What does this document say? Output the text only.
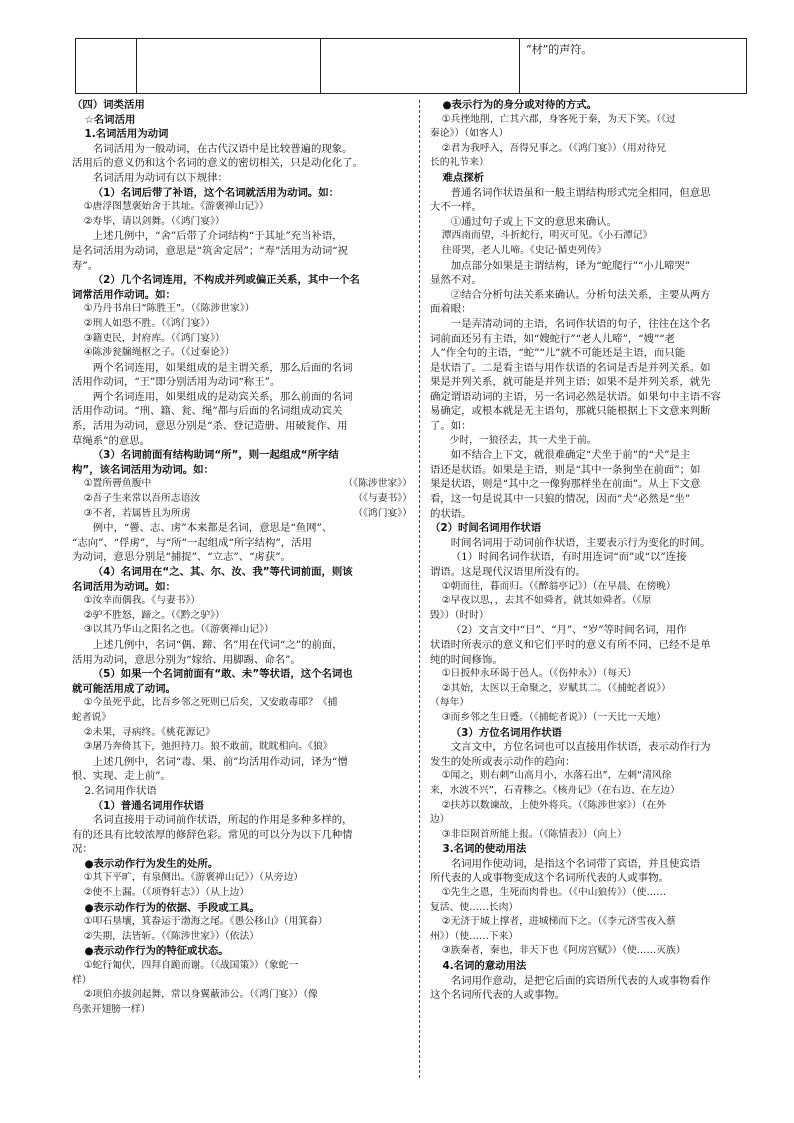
			“材”的声符。

（四）词类活用

☆名词活用

1.名词活用为动词

名词活用为一般动词，在古代汉语中是比较普遍的现象。

活用后的意义仍和这个名词的意义的密切相关，只是动化化了。

名词活用为动词有以下规律：

（1）名词后带了补语，这个名词就活用为动词。如：

①唐浮图慧褒始舍于其址。《游褒禅山记》）

②寿毕，请以剑舞。（《鸿门宴》）

上述几例中，“舍”后带了介词结构“于其址”充当补语，

是名词活用为动词，意思是“筑舍定居”；“寿”活用为动词“祝

寿”。

（2）几个名词连用，不构成并列或偏正关系，其中一个名

词常活用作动词。如：

①乃丹书帛曰“陈胜王”。（《陈涉世家》）

②刑人如恐不胜。（《鸿门宴》）

③籍吏民，封府库。（《鸿门宴》）

④陈涉瓮牖绳枢之子。（《过秦论》）

两个名词连用，如果组成的是主谓关系，那么后面的名词

活用作动词，“王”即分别活用为动词“称王”。

两个名词连用，如果组成的是动宾关系，那么前面的名词

活用作动词。“刑、籍、瓮、绳”都与后面的名词组成动宾关

系，活用为动词，意思分别是“杀、登记造册、用破瓮作、用

草绳系”的意思。

（3）名词前面有结构助词“所”，则一起组成“所字结

构”，该名词活用为动词。如：

①置所罾鱼腹中	（《陈涉世家》）

②吾子生来常以吾所志语汝	（《与妻书》）

③不者，若属皆且为所虏	（《鸿门宴》）

例中，“罾、志、虏”本来都是名词，意思是“鱼网”、

“志向”、“俘虏”，与“所”一起组成“所字结构”，活用

为动词，意思分别是“捕捉”、“立志”、“虏获”。

（4）名词用在“之、其、尔、汝、我”等代词前面，则该

名词活用为动词。如：

①汝幸而偶我。《与妻书》）

②驴不胜怒，蹄之。（《黔之驴》）

③以其乃华山之阳名之也。（《游褒禅山记》）

上述几例中，名词“偶、蹄、名”用在代词“之”的前面，

活用为动词，意思分别为“嫁给、用脚踢、命名”。

（5）如果一个名词前面有“敢、未”等状语，这个名词也

就可能活用成了动词。

①今虽死乎此，比吾乡邻之死则已后矣，又安敢毒耶？《捕

蛇者说》

②未果，寻病终。《桃花源记》

③屠乃奔倚其下，弛担持刀。狼不敢前，眈眈相向。《狼》

上述几例中，名词“毒、果、前”均活用作动词，译为“憎

恨、实现、走上前”。

2.名词用作状语

（1）普通名词用作状语

名词直接用于动词前作状语，所起的作用是多种多样的，

有的还具有比较浓厚的修辞色彩。常见的可以分为以下几种情

况：

●表示动作行为发生的处所。

①其下平旷，有泉侧出。《游褒禅山记》）（从旁边）

②使不上漏。（《项脊轩志》）（从上边）

●表示动作行为的依据、手段或工具。

①叩石垦壤，箕畚运于渤海之尾。《愚公移山》（用箕畚）

②失期，法皆斩。（《陈涉世家》）（依法）

●表示动作行为的特征或状态。

①蛇行匍伏，四拜自跪而谢。（《战国策》）（象蛇一

样）

②项伯亦拔剑起舞，常以身翼蔽沛公。（《鸿门宴》）（像

鸟张开翅膀一样）

●表示行为的身分或对待的方式。

①兵挫地削，亡其六郡，身客死于秦，为天下笑。（《过

秦论》）（如客人）

②君为我呼入，吾得兄事之。（《鸿门宴》）（用对待兄

长的礼节来）

难点探析

普通名词作状语虽和一般主谓结构形式完全相同，但意思

大不一样。

①通过句子或上下文的意思来确认。

潭西南而望，斗折蛇行，明灭可见。《小石潭记》

往哥哭，老人儿啼。《史记·循吏列传》

加点部分如果是主谓结构，译为“蛇爬行”“小儿啼哭”

显然不对。

②结合分析句法关系来确认。分析句法关系，主要从两方

面着眼：

一是弄清动词的主语，名词作状语的句子，往往在这个名

词前面还另有主语，如“嫂蛇行”“老人儿啼”，“嫂”“老

人”作全句的主语，“蛇”“儿”就不可能还是主语，而只能

是状语了。二是看主语与用作状语的名词是否是并列关系。如

果是并列关系，就可能是并列主语；如果不是并列关系，就先

确定谓语动词的主语，另一名词必然是状语。如果句中主语不容

易确定，或根本就是无主语句，那就只能根据上下文意来判断

了。如：

少时，一狼径去，其一犬坐于前。

如不结合上下文，就很难确定“犬坐于前”的“犬”是主

语还是状语。如果是主语，则是“其中一条狗坐在前面”；如

果是状语，则是“其中之一像狗那样坐在前面”。从上下文意

看，这一句是说其中一只狼的情况，因而“犬”必然是“坐”

的状语。

（2）时间名词用作状语

时间名词用于动词前作状语，主要表示行为变化的时间。

（1）时间名词作状语，有时用连词“而”或“以”连接

谓语。这是现代汉语里所没有的。

①朝而往，暮而归。（《醉翁亭记》）（在早晨、在傍晚）

②早夜以思，，去其不如舜者，就其如舜者。（《原

毁》）（时时）

（2）文言文中“日”、“月”、“岁”等时间名词，用作

状语时所表示的意义和它们平时的意义有所不同，已经不是单

纯的时间修饰。

①日扳仲永环谒于邑人。（《伤仲永》）（每天）

②其始，太医以王命聚之，岁赋其二。（《捕蛇者说》）

（每年）

③而乡邻之生日蹙。（《捕蛇者说》）（一天比一天地）

（3）方位名词用作状语

文言文中，方位名词也可以直接用作状语，表示动作行为

发生的处所或表示动作的趋向：

①闻之，则右刺“山高月小，水落石出”，左刺“清风徐

来，水波不兴”，石青糁之。《核舟记》（在右边、在左边）

②扶苏以数谏故，上使外将兵。（《陈涉世家》）（在外

边）

③非臣陨首所能上报。（《陈情表》）（向上）

3.名词的使动用法

名词用作使动词，是指这个名词带了宾语，并且使宾语

所代表的人或事物变成这个名词所代表的人或事物。

①先生之恩，生死而肉骨也。（《中山狼传》）（使……

复活、使……长肉）

②无济于城上撑者，进城梯而下之。（《李元济雪夜入蔡

州》）（使……下来）

③族秦者，秦也，非天下也《阿房宫赋》）（使……灭族）

4.名词的意动用法

名词用作意动，是把它后面的宾语所代表的人或事物看作

这个名词所代表的人或事物。
